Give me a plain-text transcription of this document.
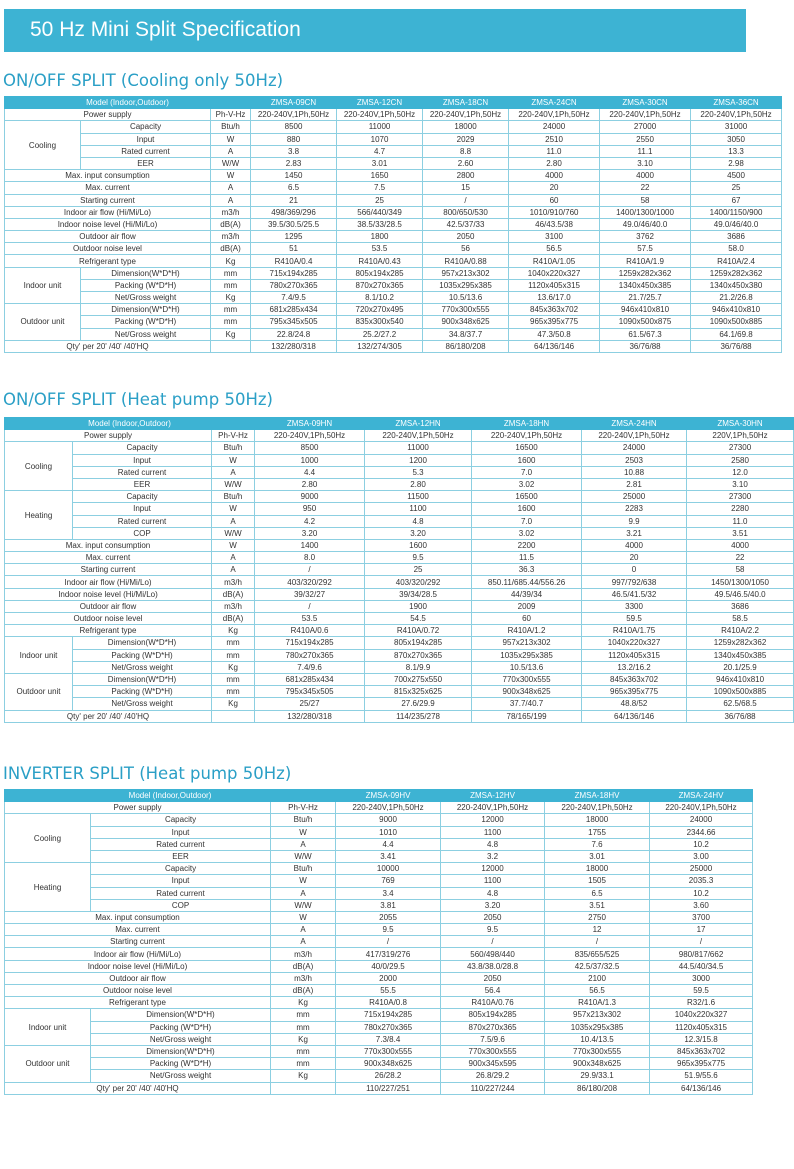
50 Hz Mini Split Specification
ON/OFF SPLIT (Cooling only 50Hz)
Model (Indoor,Outdoor)			ZMSA-09CN	ZMSA-12CN	ZMSA-18CN	ZMSA-24CN	ZMSA-30CN	ZMSA-36CN
Power supply		Ph-V-Hz	220-240V,1Ph,50Hz	220-240V,1Ph,50Hz	220-240V,1Ph,50Hz	220-240V,1Ph,50Hz	220-240V,1Ph,50Hz	220-240V,1Ph,50Hz
Cooling	Capacity	Btu/h	8500	11000	18000	24000	27000	31000
	Input	W	880	1070	2029	2510	2550	3050
	Rated current	A	3.8	4.7	8.8	11.0	11.1	13.3
	EER	W/W	2.83	3.01	2.60	2.80	3.10	2.98
Max. input consumption		W	1450	1650	2800	4000	4000	4500
Max. current		A	6.5	7.5	15	20	22	25
Starting current		A	21	25	/	60	58	67
Indoor air flow (Hi/Mi/Lo)		m3/h	498/369/296	566/440/349	800/650/530	1010/910/760	1400/1300/1000	1400/1150/900
Indoor noise level (Hi/Mi/Lo)		dB(A)	39.5/30.5/25.5	38.5/33/28.5	42.5/37/33	46/43.5/38	49.0/46/40.0	49.0/46/40.0
Outdoor air flow		m3/h	1295	1800	2050	3100	3762	3686
Outdoor noise level		dB(A)	51	53.5	56	56.5	57.5	58.0
Refrigerant type		Kg	R410A/0.4	R410A/0.43	R410A/0.88	R410A/1.05	R410A/1.9	R410A/2.4
Indoor unit	Dimension(W*D*H)	mm	715x194x285	805x194x285	957x213x302	1040x220x327	1259x282x362	1259x282x362
	Packing (W*D*H)	mm	780x270x365	870x270x365	1035x295x385	1120x405x315	1340x450x385	1340x450x380
	Net/Gross weight	Kg	7.4/9.5	8.1/10.2	10.5/13.6	13.6/17.0	21.7/25.7	21.2/26.8
Outdoor unit	Dimension(W*D*H)	mm	681x285x434	720x270x495	770x300x555	845x363x702	946x410x810	946x410x810
	Packing (W*D*H)	mm	795x345x505	835x300x540	900x348x625	965x395x775	1090x500x875	1090x500x885
	Net/Gross weight	Kg	22.8/24.8	25.2/27.2	34.8/37.7	47.3/50.8	61.5/67.3	64.1/69.8
Qty' per 20' /40' /40'HQ			132/280/318	132/274/305	86/180/208	64/136/146	36/76/88	36/76/88
ON/OFF SPLIT (Heat pump 50Hz)
Model (Indoor,Outdoor)			ZMSA-09HN	ZMSA-12HN	ZMSA-18HN	ZMSA-24HN	ZMSA-30HN
Power supply		Ph-V-Hz	220-240V,1Ph,50Hz	220-240V,1Ph,50Hz	220-240V,1Ph,50Hz	220-240V,1Ph,50Hz	220V,1Ph,50Hz
Cooling	Capacity	Btu/h	8500	11000	16500	24000	27300
	Input	W	1000	1200	1600	2503	2580
	Rated current	A	4.4	5.3	7.0	10.88	12.0
	EER	W/W	2.80	2.80	3.02	2.81	3.10
Heating	Capacity	Btu/h	9000	11500	16500	25000	27300
	Input	W	950	1100	1600	2283	2280
	Rated current	A	4.2	4.8	7.0	9.9	11.0
	COP	W/W	3.20	3.20	3.02	3.21	3.51
Max. input consumption		W	1400	1600	2200	4000	4000
Max. current		A	8.0	9.5	11.5	20	22
Starting current		A	/	25	36.3	0	58
Indoor air flow (Hi/Mi/Lo)		m3/h	403/320/292	403/320/292	850.11/685.44/556.26	997/792/638	1450/1300/1050
Indoor noise level (Hi/Mi/Lo)		dB(A)	39/32/27	39/34/28.5	44/39/34	46.5/41.5/32	49.5/46.5/40.0
Outdoor air flow		m3/h	/	1900	2009	3300	3686
Outdoor noise level		dB(A)	53.5	54.5	60	59.5	58.5
Refrigerant type		Kg	R410A/0.6	R410A/0.72	R410A/1.2	R410A/1.75	R410A/2.2
Indoor unit	Dimension(W*D*H)	mm	715x194x285	805x194x285	957x213x302	1040x220x327	1259x282x362
	Packing (W*D*H)	mm	780x270x365	870x270x365	1035x295x385	1120x405x315	1340x450x385
	Net/Gross weight	Kg	7.4/9.6	8.1/9.9	10.5/13.6	13.2/16.2	20.1/25.9
Outdoor unit	Dimension(W*D*H)	mm	681x285x434	700x275x550	770x300x555	845x363x702	946x410x810
	Packing (W*D*H)	mm	795x345x505	815x325x625	900x348x625	965x395x775	1090x500x885
	Net/Gross weight	Kg	25/27	27.6/29.9	37.7/40.7	48.8/52	62.5/68.5
Qty' per 20' /40' /40'HQ			132/280/318	114/235/278	78/165/199	64/136/146	36/76/88
INVERTER SPLIT (Heat pump 50Hz)
Model (Indoor,Outdoor)			ZMSA-09HV	ZMSA-12HV	ZMSA-18HV	ZMSA-24HV
Power supply		Ph-V-Hz	220-240V,1Ph,50Hz	220-240V,1Ph,50Hz	220-240V,1Ph,50Hz	220-240V,1Ph,50Hz
Cooling	Capacity	Btu/h	9000	12000	18000	24000
	Input	W	1010	1100	1755	2344.66
	Rated current	A	4.4	4.8	7.6	10.2
	EER	W/W	3.41	3.2	3.01	3.00
Heating	Capacity	Btu/h	10000	12000	18000	25000
	Input	W	769	1100	1505	2035.3
	Rated current	A	3.4	4.8	6.5	10.2
	COP	W/W	3.81	3.20	3.51	3.60
Max. input consumption		W	2055	2050	2750	3700
Max. current		A	9.5	9.5	12	17
Starting current		A	/	/	/	/
Indoor air flow (Hi/Mi/Lo)		m3/h	417/319/276	560/498/440	835/655/525	980/817/662
Indoor noise level (Hi/Mi/Lo)		dB(A)	40/0/29.5	43.8/38.0/28.8	42.5/37/32.5	44.5/40/34.5
Outdoor air flow		m3/h	2000	2050	2100	3000
Outdoor noise level		dB(A)	55.5	56.4	56.5	59.5
Refrigerant type		Kg	R410A/0.8	R410A/0.76	R410A/1.3	R32/1.6
Indoor unit	Dimension(W*D*H)	mm	715x194x285	805x194x285	957x213x302	1040x220x327
	Packing (W*D*H)	mm	780x270x365	870x270x365	1035x295x385	1120x405x315
	Net/Gross weight	Kg	7.3/8.4	7.5/9.6	10.4/13.5	12.3/15.8
Outdoor unit	Dimension(W*D*H)	mm	770x300x555	770x300x555	770x300x555	845x363x702
	Packing (W*D*H)	mm	900x348x625	900x345x595	900x348x625	965x395x775
	Net/Gross weight	Kg	26/28.2	26.8/29.2	29.9/33.1	51.9/55.6
Qty' per 20' /40' /40'HQ			110/227/251	110/227/244	86/180/208	64/136/146
